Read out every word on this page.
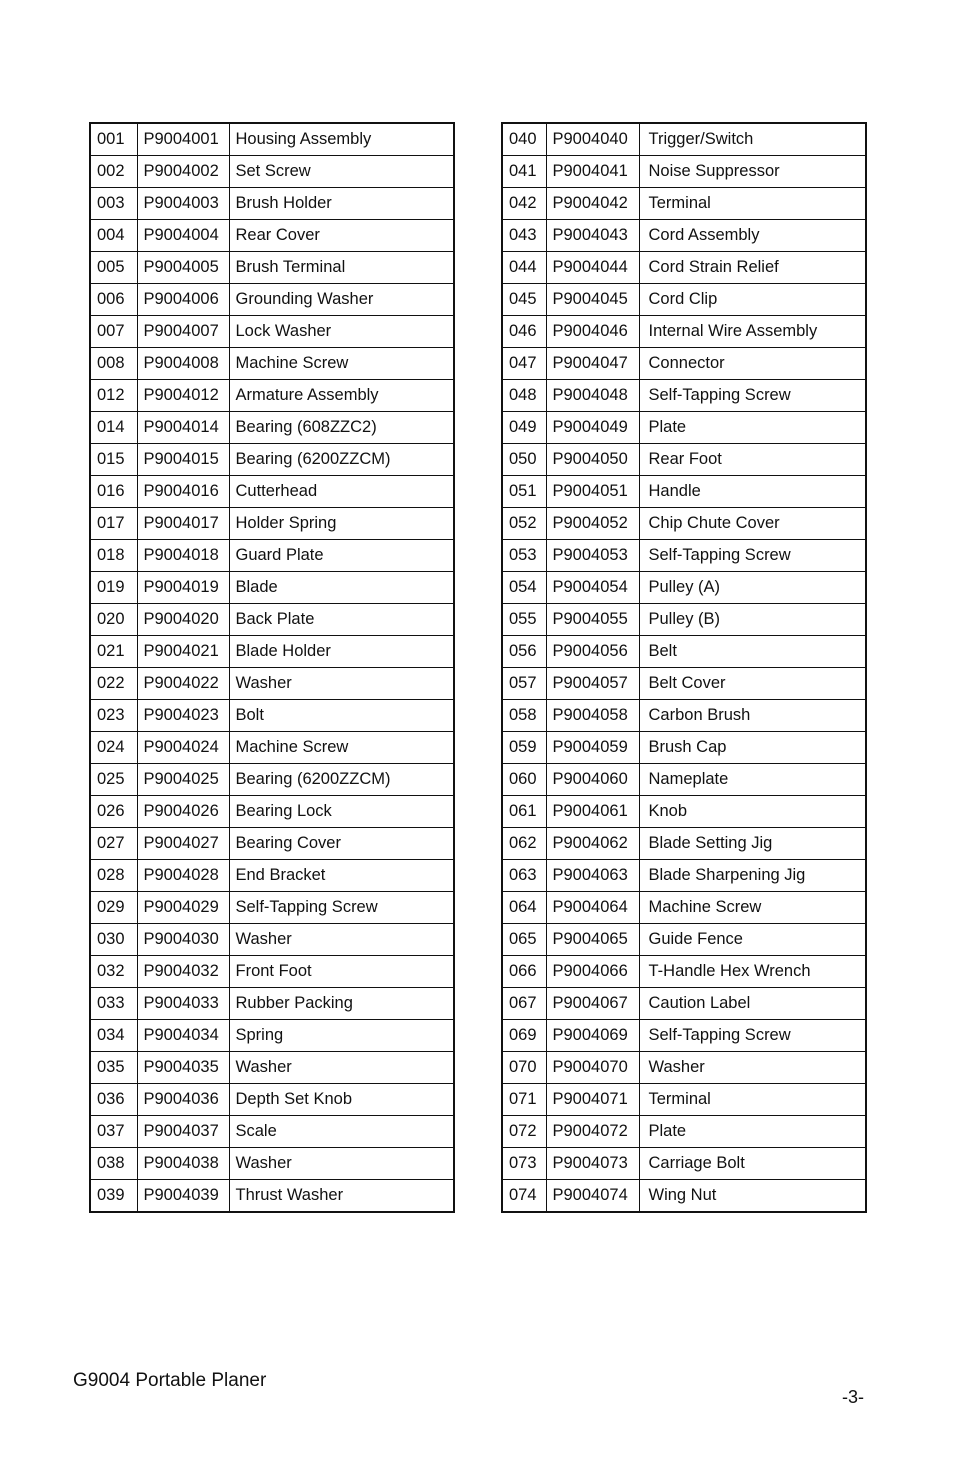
001	P9004001	Housing Assembly
002	P9004002	Set Screw
003	P9004003	Brush Holder
004	P9004004	Rear Cover
005	P9004005	Brush Terminal
006	P9004006	Grounding Washer
007	P9004007	Lock Washer
008	P9004008	Machine Screw
012	P9004012	Armature Assembly
014	P9004014	Bearing (608ZZC2)
015	P9004015	Bearing (6200ZZCM)
016	P9004016	Cutterhead
017	P9004017	Holder Spring
018	P9004018	Guard Plate
019	P9004019	Blade
020	P9004020	Back Plate
021	P9004021	Blade Holder
022	P9004022	Washer
023	P9004023	Bolt
024	P9004024	Machine Screw
025	P9004025	Bearing (6200ZZCM)
026	P9004026	Bearing Lock
027	P9004027	Bearing Cover
028	P9004028	End Bracket
029	P9004029	Self-Tapping Screw
030	P9004030	Washer
032	P9004032	Front Foot
033	P9004033	Rubber Packing
034	P9004034	Spring
035	P9004035	Washer
036	P9004036	Depth Set Knob
037	P9004037	Scale
038	P9004038	Washer
039	P9004039	Thrust Washer
040	P9004040	Trigger/Switch
041	P9004041	Noise Suppressor
042	P9004042	Terminal
043	P9004043	Cord Assembly
044	P9004044	Cord Strain Relief
045	P9004045	Cord Clip
046	P9004046	Internal Wire Assembly
047	P9004047	Connector
048	P9004048	Self-Tapping Screw
049	P9004049	Plate
050	P9004050	Rear Foot
051	P9004051	Handle
052	P9004052	Chip Chute Cover
053	P9004053	Self-Tapping Screw
054	P9004054	Pulley (A)
055	P9004055	Pulley (B)
056	P9004056	Belt
057	P9004057	Belt Cover
058	P9004058	Carbon Brush
059	P9004059	Brush Cap
060	P9004060	Nameplate
061	P9004061	Knob
062	P9004062	Blade Setting Jig
063	P9004063	Blade Sharpening Jig
064	P9004064	Machine Screw
065	P9004065	Guide Fence
066	P9004066	T-Handle Hex Wrench
067	P9004067	Caution Label
069	P9004069	Self-Tapping Screw
070	P9004070	Washer
071	P9004071	Terminal
072	P9004072	Plate
073	P9004073	Carriage Bolt
074	P9004074	Wing Nut
G9004 Portable Planer
-3-
